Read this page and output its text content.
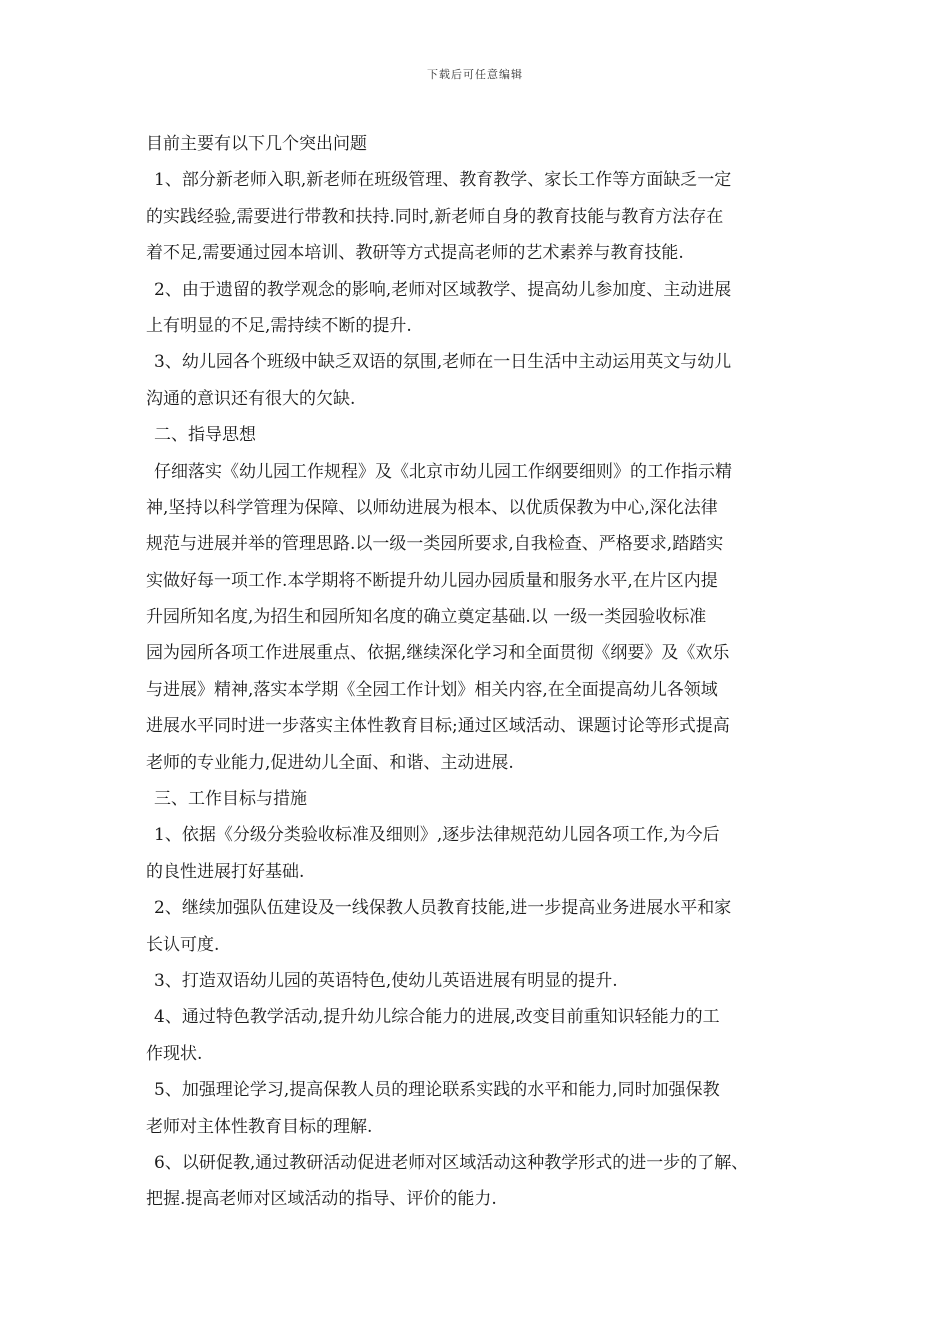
下载后可任意编辑
目前主要有以下几个突出问题
1、部分新老师入职,新老师在班级管理、教育教学、家长工作等方面缺乏一定
的实践经验,需要进行带教和扶持.同时,新老师自身的教育技能与教育方法存在
着不足,需要通过园本培训、教研等方式提高老师的艺术素养与教育技能.
2、由于遗留的教学观念的影响,老师对区域教学、提高幼儿参加度、主动进展
上有明显的不足,需持续不断的提升.
3、幼儿园各个班级中缺乏双语的氛围,老师在一日生活中主动运用英文与幼儿
沟通的意识还有很大的欠缺.
二、指导思想
仔细落实《幼儿园工作规程》及《北京市幼儿园工作纲要细则》的工作指示精
神,坚持以科学管理为保障、以师幼进展为根本、以优质保教为中心,深化法律
规范与进展并举的管理思路.以一级一类园所要求,自我检查、严格要求,踏踏实
实做好每一项工作.本学期将不断提升幼儿园办园质量和服务水平,在片区内提
升园所知名度,为招生和园所知名度的确立奠定基础.以 一级一类园验收标准
园为园所各项工作进展重点、依据,继续深化学习和全面贯彻《纲要》及《欢乐
与进展》精神,落实本学期《全园工作计划》相关内容,在全面提高幼儿各领域
进展水平同时进一步落实主体性教育目标;通过区域活动、课题讨论等形式提高
老师的专业能力,促进幼儿全面、和谐、主动进展.
三、工作目标与措施
1、依据《分级分类验收标准及细则》,逐步法律规范幼儿园各项工作,为今后
的良性进展打好基础.
2、继续加强队伍建设及一线保教人员教育技能,进一步提高业务进展水平和家
长认可度.
3、打造双语幼儿园的英语特色,使幼儿英语进展有明显的提升.
4、通过特色教学活动,提升幼儿综合能力的进展,改变目前重知识轻能力的工
作现状.
5、加强理论学习,提高保教人员的理论联系实践的水平和能力,同时加强保教
老师对主体性教育目标的理解.
6、以研促教,通过教研活动促进老师对区域活动这种教学形式的进一步的了解、
把握.提高老师对区域活动的指导、评价的能力.
